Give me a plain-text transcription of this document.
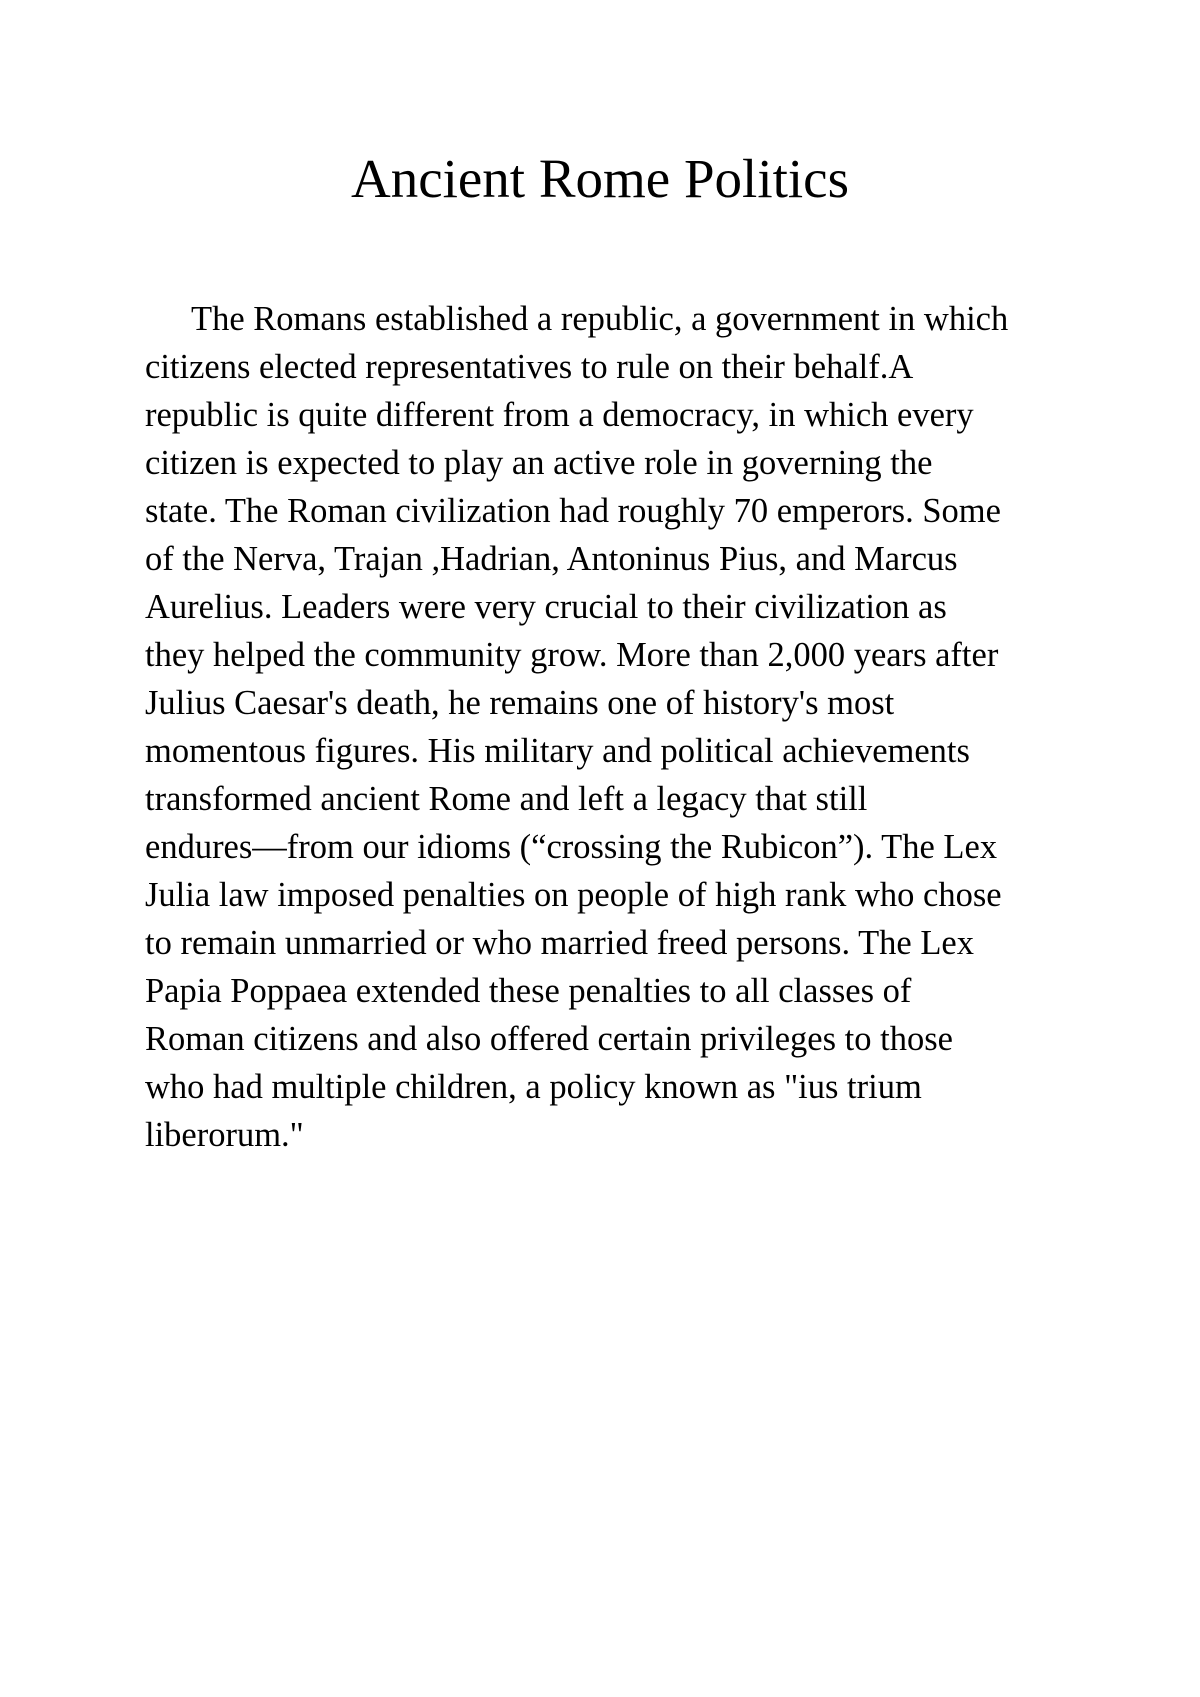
Ancient Rome Politics
The Romans established a republic, a government in which
citizens elected representatives to rule on their behalf.A
republic is quite different from a democracy, in which every
citizen is expected to play an active role in governing the
state. The Roman civilization had roughly 70 emperors. Some
of the Nerva, Trajan ,Hadrian, Antoninus Pius, and Marcus
Aurelius. Leaders were very crucial to their civilization as
they helped the community grow. More than 2,000 years after
Julius Caesar's death, he remains one of history's most
momentous figures. His military and political achievements
transformed ancient Rome and left a legacy that still
endures—from our idioms (“crossing the Rubicon”). The Lex
Julia law imposed penalties on people of high rank who chose
to remain unmarried or who married freed persons. The Lex
Papia Poppaea extended these penalties to all classes of
Roman citizens and also offered certain privileges to those
who had multiple children, a policy known as "ius trium
liberorum."
